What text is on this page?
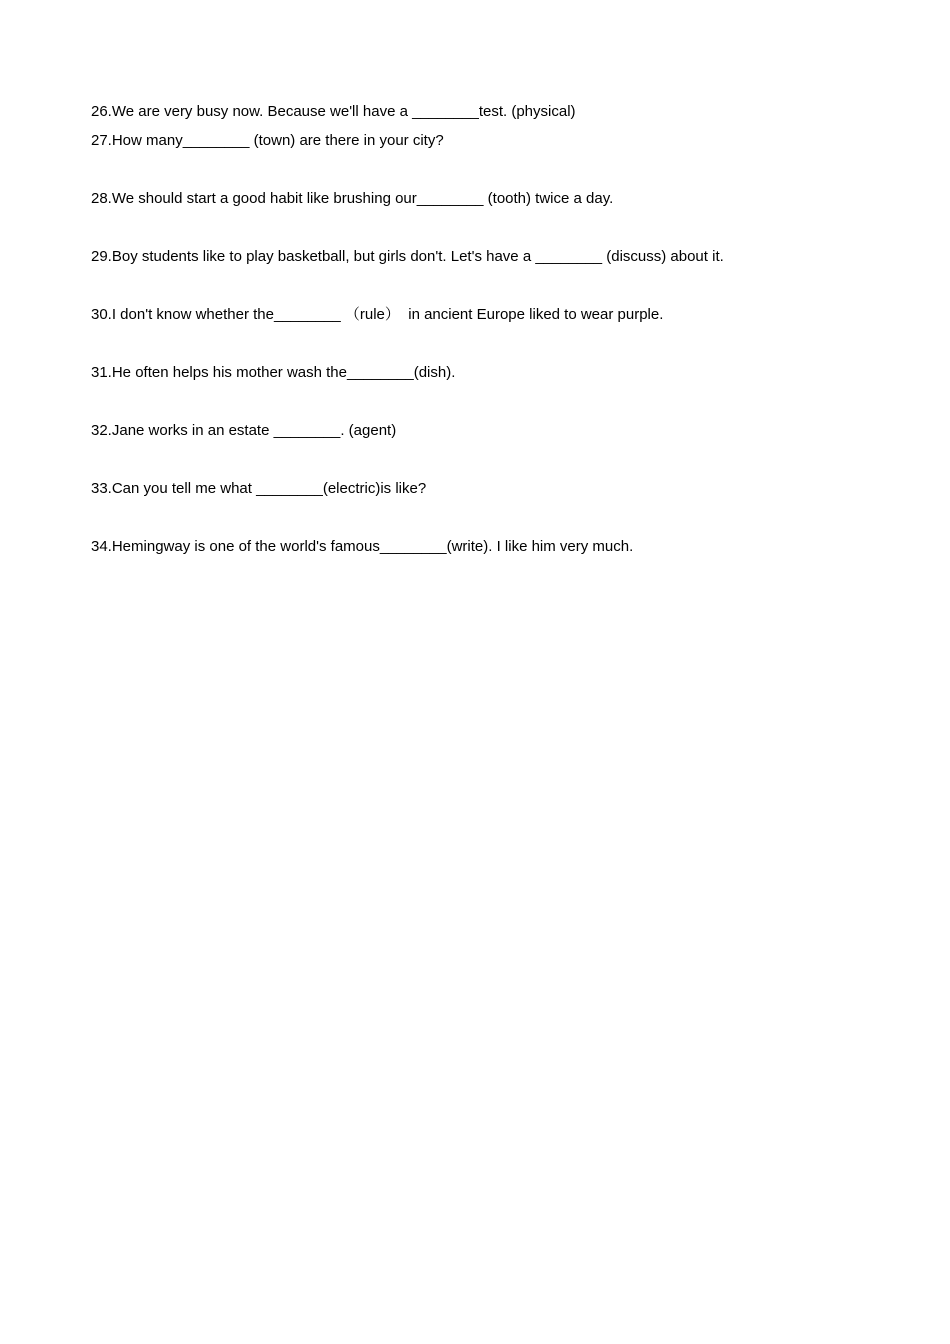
26.We are very busy now. Because we'll have a ________test. (physical)
27.How many________ (town) are there in your city?
28.We should start a good habit like brushing our________ (tooth) twice a day.
29.Boy students like to play basketball, but girls don't. Let's have a ________ (discuss) about it.
30.I don't know whether the________ （rule）  in ancient Europe liked to wear purple.
31.He often helps his mother wash the________(dish).
32.Jane works in an estate ________. (agent)
33.Can you tell me what ________(electric)is like?
34.Hemingway is one of the world's famous________(write). I like him very much.
